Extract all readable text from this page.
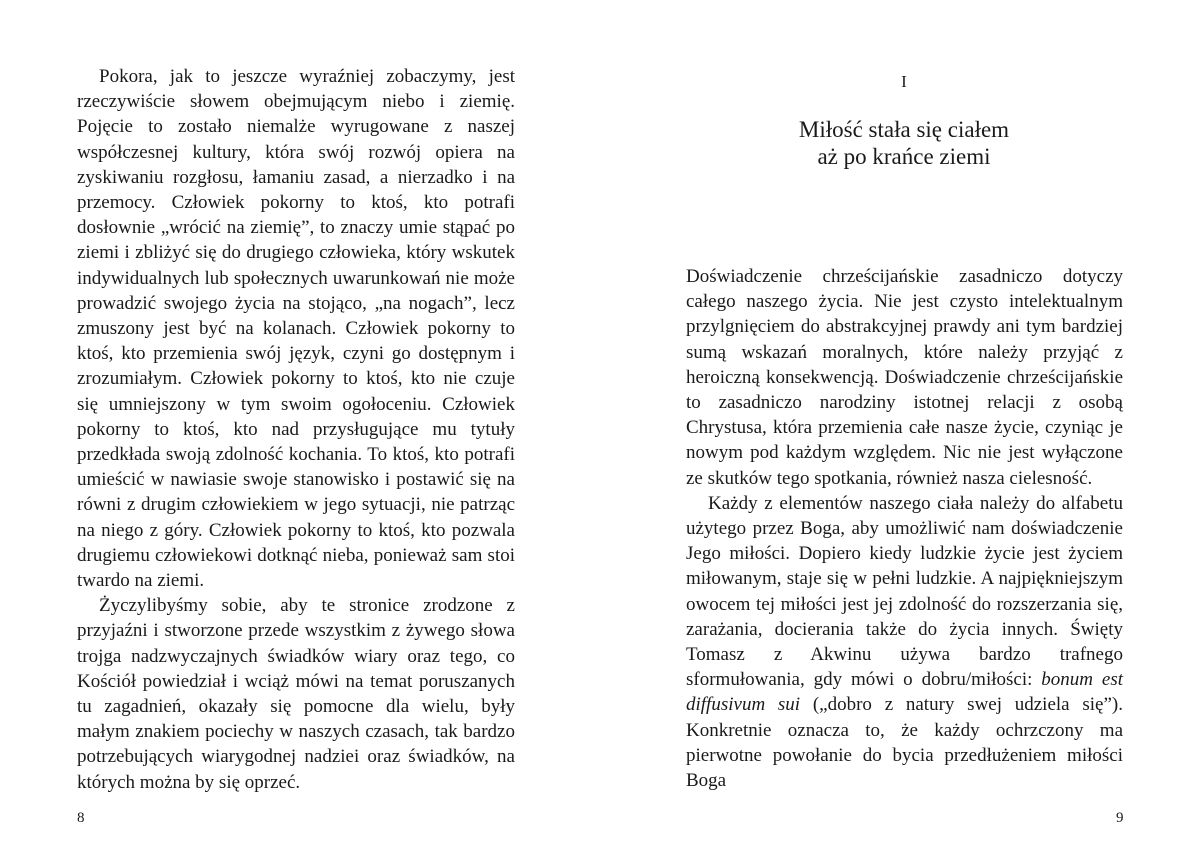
Pokora, jak to jeszcze wyraźniej zobaczymy, jest rzeczywiście słowem obejmującym niebo i ziemię. Pojęcie to zostało niemalże wyrugowane z naszej współczesnej kultury, która swój rozwój opiera na zyskiwaniu rozgłosu, łamaniu zasad, a nierzadko i na przemocy. Człowiek pokorny to ktoś, kto potrafi dosłownie „wrócić na ziemię”, to znaczy umie stąpać po ziemi i zbliżyć się do drugiego człowieka, który wskutek indywidualnych lub społecznych uwarunkowań nie może prowadzić swojego życia na stojąco, „na nogach”, lecz zmuszony jest być na kolanach. Człowiek pokorny to ktoś, kto przemienia swój język, czyni go dostępnym i zrozumiałym. Człowiek pokorny to ktoś, kto nie czuje się umniejszony w tym swoim ogołoceniu. Człowiek pokorny to ktoś, kto nad przysługujące mu tytuły przedkłada swoją zdolność kochania. To ktoś, kto potrafi umieścić w nawiasie swoje stanowisko i postawić się na równi z drugim człowiekiem w jego sytuacji, nie patrząc na niego z góry. Człowiek pokorny to ktoś, kto pozwala drugiemu człowiekowi dotknąć nieba, ponieważ sam stoi twardo na ziemi.

Życzylibyśmy sobie, aby te stronice zrodzone z przyjaźni i stworzone przede wszystkim z żywego słowa trojga nadzwyczajnych świadków wiary oraz tego, co Kościół powiedział i wciąż mówi na temat poruszanych tu zagadnień, okazały się pomocne dla wielu, były małym znakiem pociechy w naszych czasach, tak bardzo potrzebujących wiarygodnej nadziei oraz świadków, na których można by się oprzeć.

8
I
Miłość stała się ciałem
aż po krańce ziemi

Doświadczenie chrześcijańskie zasadniczo dotyczy całego naszego życia. Nie jest czysto intelektualnym przylgnięciem do abstrakcyjnej prawdy ani tym bardziej sumą wskazań moralnych, które należy przyjąć z heroiczną konsekwencją. Doświadczenie chrześcijańskie to zasadniczo narodziny istotnej relacji z osobą Chrystusa, która przemienia całe nasze życie, czyniąc je nowym pod każdym względem. Nic nie jest wyłączone ze skutków tego spotkania, również nasza cielesność.

Każdy z elementów naszego ciała należy do alfabetu użytego przez Boga, aby umożliwić nam doświadczenie Jego miłości. Dopiero kiedy ludzkie życie jest życiem miłowanym, staje się w pełni ludzkie. A najpiękniejszym owocem tej miłości jest jej zdolność do rozszerzania się, zarażania, docierania także do życia innych. Święty Tomasz z Akwinu używa bardzo trafnego sformułowania, gdy mówi o dobru/miłości: bonum est diffusivum sui („dobro z natury swej udziela się”). Konkretnie oznacza to, że każdy ochrzczony ma pierwotne powołanie do bycia przedłużeniem miłości Boga

9
